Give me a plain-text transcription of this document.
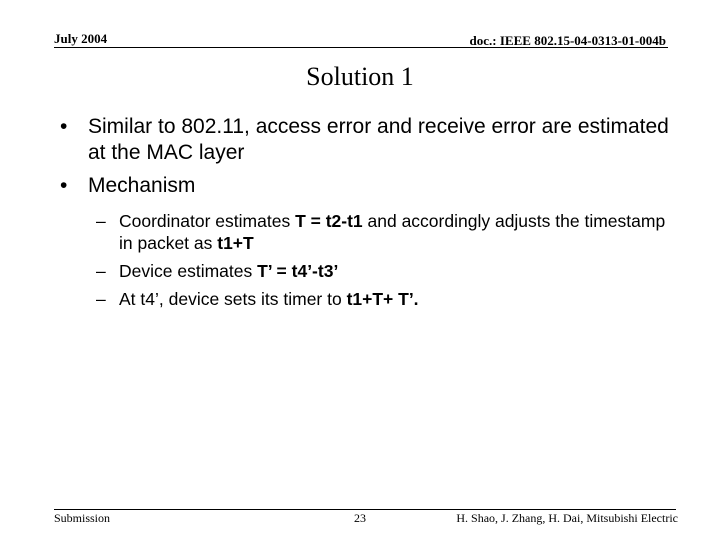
July 2004	doc.: IEEE 802.15-04-0313-01-004b
Solution 1
• Similar to 802.11, access error and receive error are estimated at the MAC layer
• Mechanism
– Coordinator estimates T = t2-t1 and accordingly adjusts the timestamp in packet as t1+T
– Device estimates T’ = t4’-t3’
– At t4’, device sets its timer to t1+T+ T’.
Submission	23	H. Shao, J. Zhang, H. Dai, Mitsubishi Electric
